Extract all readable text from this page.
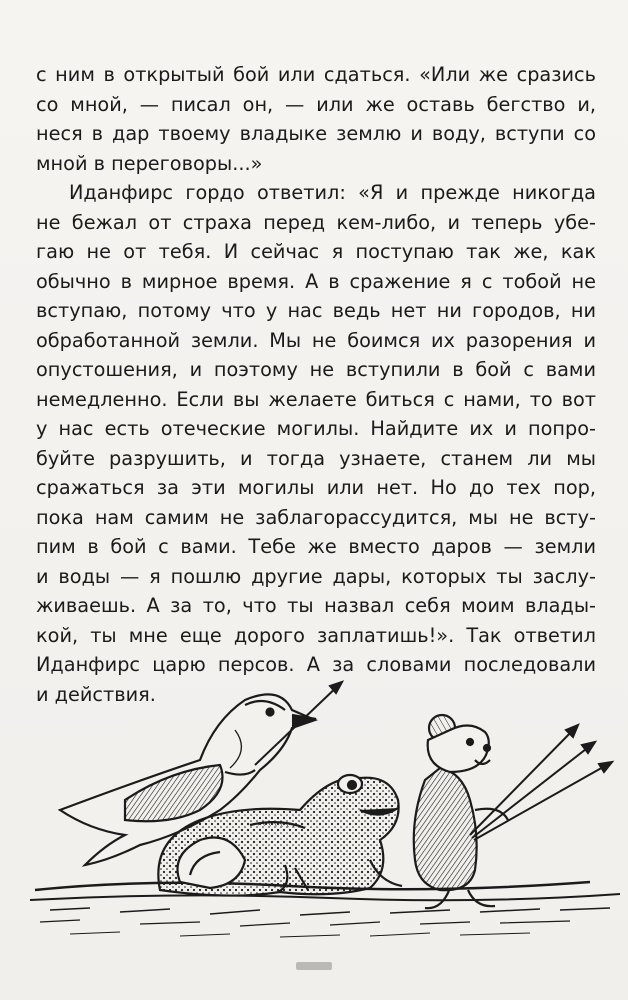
с ним в открытый бой или сдаться. «Или же сразись
со мной, — писал он, — или же оставь бегство и,
неся в дар твоему владыке землю и воду, вступи со
мной в переговоры...»
Иданфирс гордо ответил: «Я и прежде никогда
не бежал от страха перед кем-либо, и теперь убе-
гаю не от тебя. И сейчас я поступаю так же, как
обычно в мирное время. А в сражение я с тобой не
вступаю, потому что у нас ведь нет ни городов, ни
обработанной земли. Мы не боимся их разорения и
опустошения, и поэтому не вступили в бой с вами
немедленно. Если вы желаете биться с нами, то вот
у нас есть отеческие могилы. Найдите их и попро-
буйте разрушить, и тогда узнаете, станем ли мы
сражаться за эти могилы или нет. Но до тех пор,
пока нам самим не заблагорассудится, мы не всту-
пим в бой с вами. Тебе же вместо даров — земли
и воды — я пошлю другие дары, которых ты заслу-
живаешь. А за то, что ты назвал себя моим влады-
кой, ты мне еще дорого заплатишь!». Так ответил
Иданфирс царю персов. А за словами последовали
и действия.
